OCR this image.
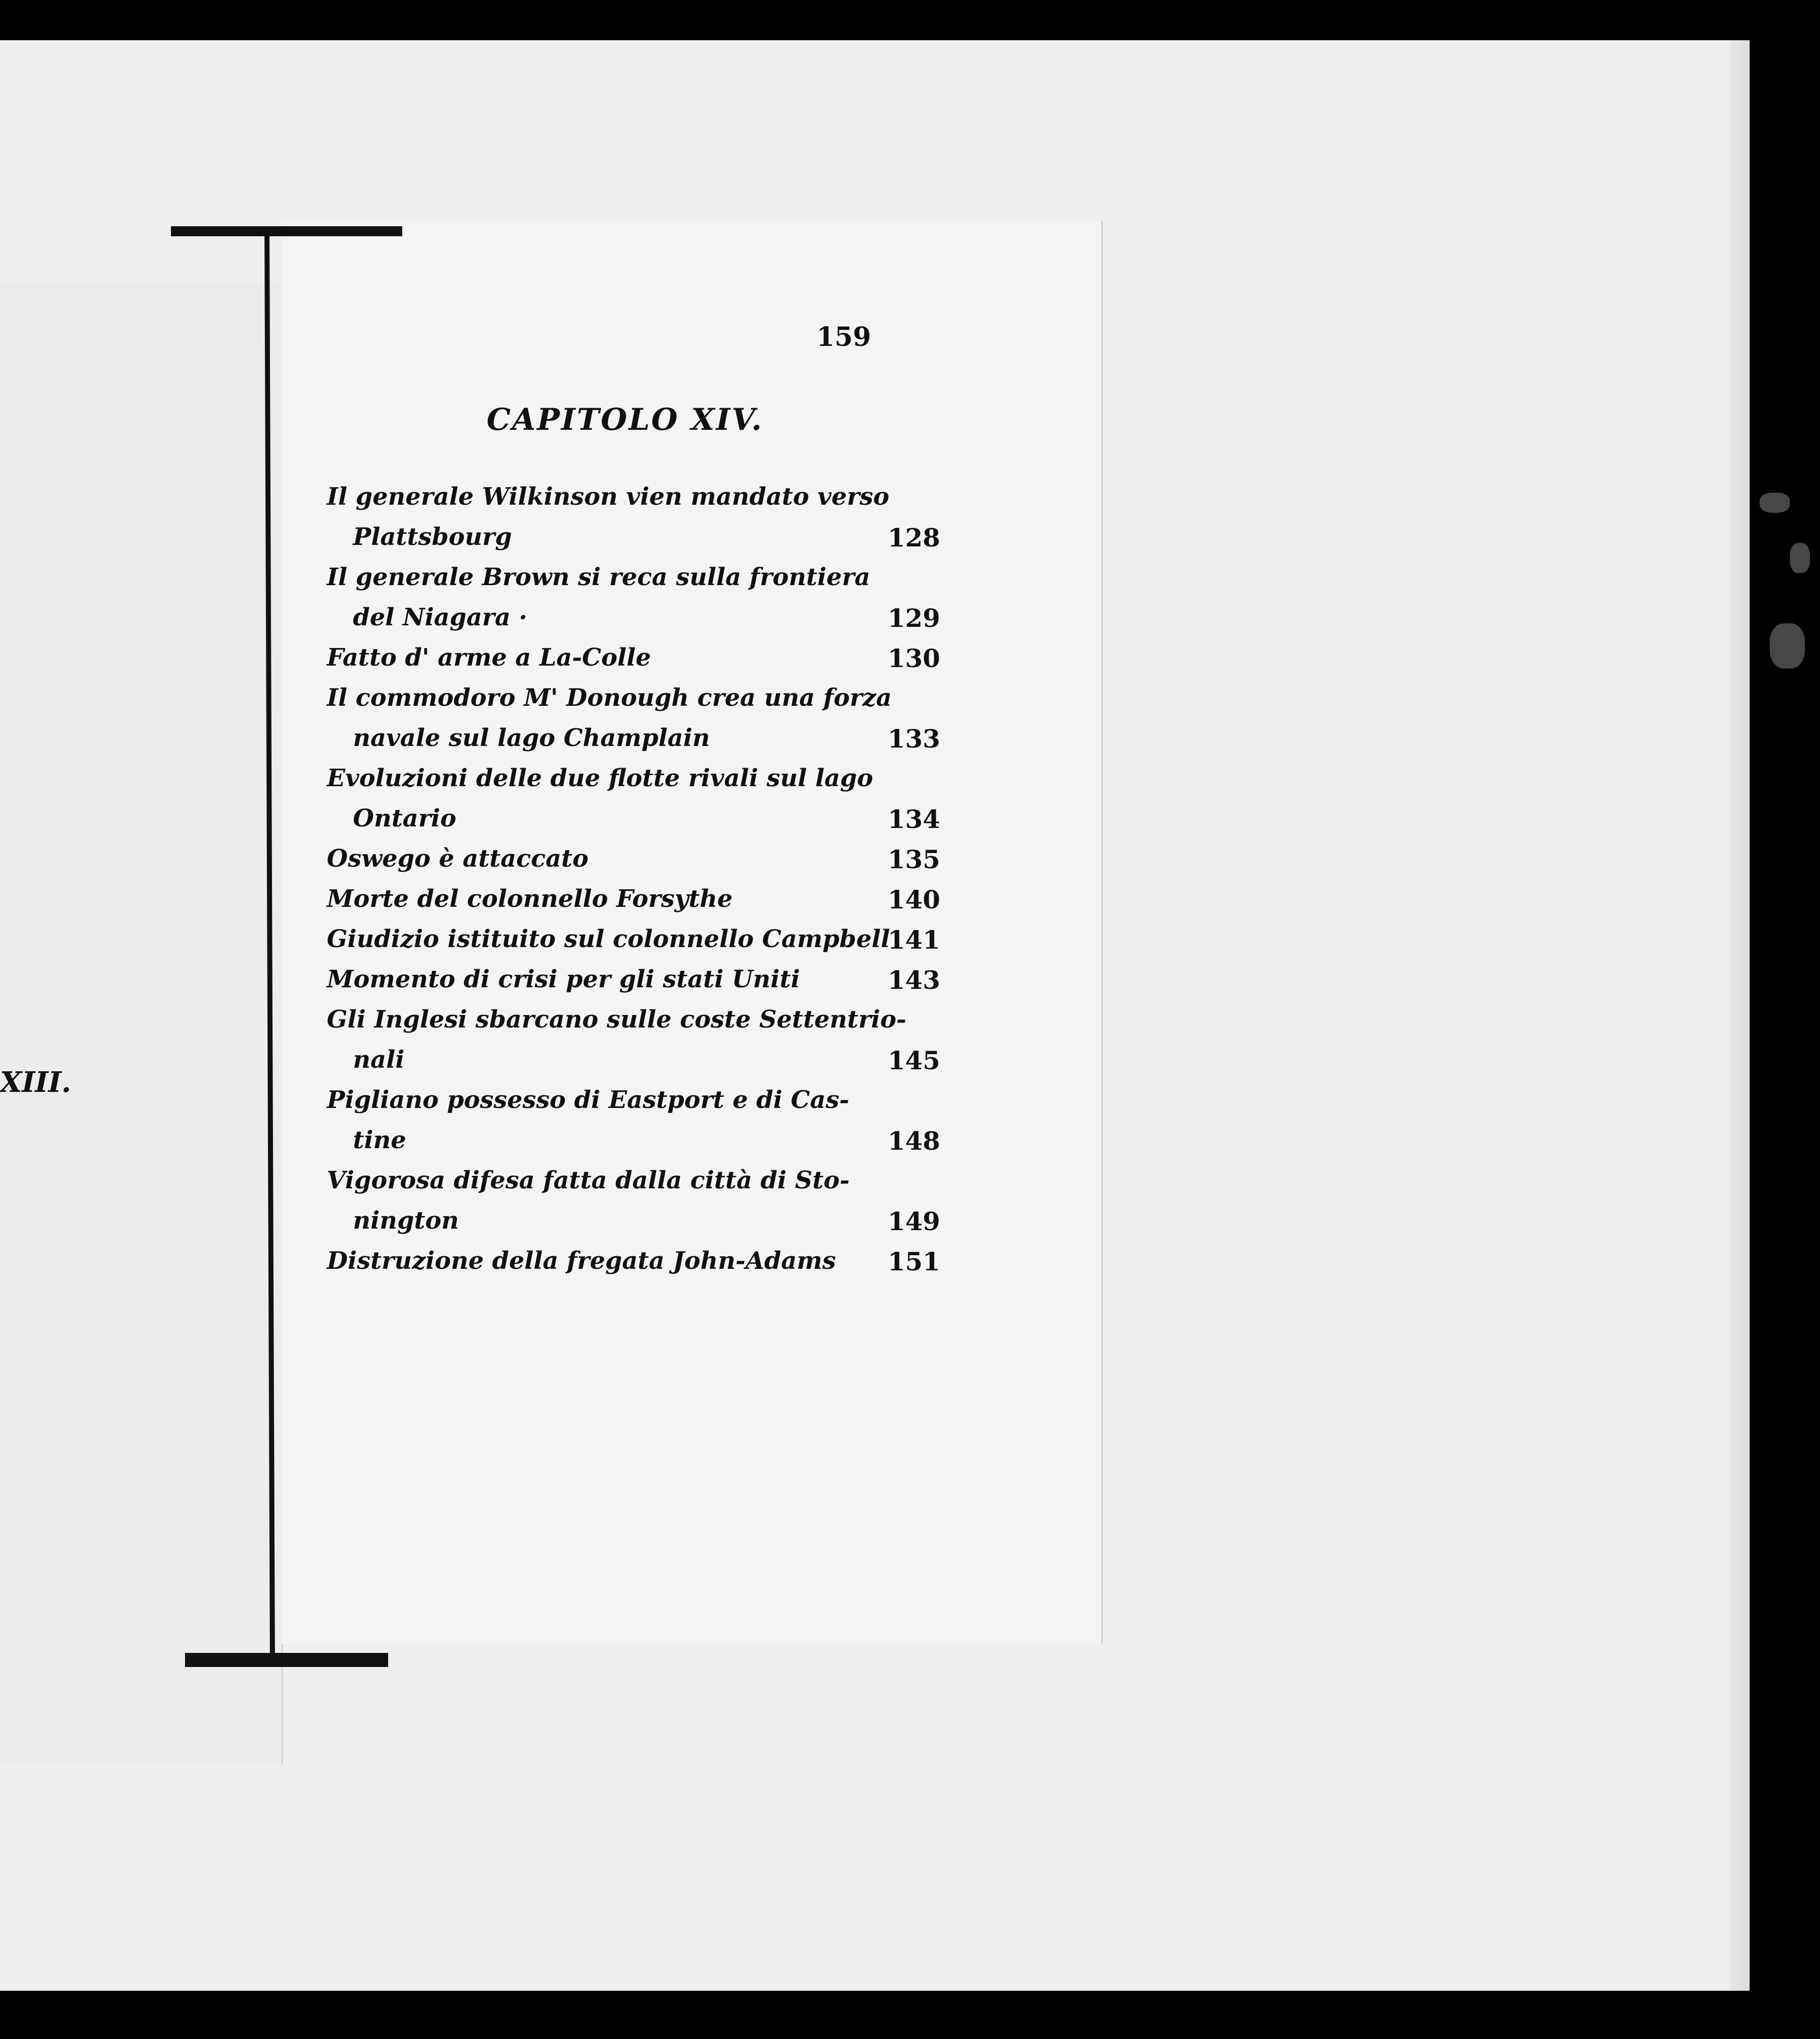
XIII.
159
CAPITOLO XIV.
Il generale Wilkinson vien mandato verso
Plattsbourg	128
Il generale Brown si reca sulla frontiera
del Niagara ·	129
Fatto d' arme a La-Colle	130
Il commodoro M' Donough crea una forza
navale sul lago Champlain	133
Evoluzioni delle due flotte rivali sul lago
Ontario	134
Oswego è attaccato	135
Morte del colonnello Forsythe	140
Giudizio istituito sul colonnello Campbell
141
Momento di crisi per gli stati Uniti	143
Gli Inglesi sbarcano sulle coste Settentrio-
nali	145
Pigliano possesso di Eastport e di Cas-
tine	148
Vigorosa difesa fatta dalla città di Sto-
nington	149
Distruzione della fregata John-Adams 151
